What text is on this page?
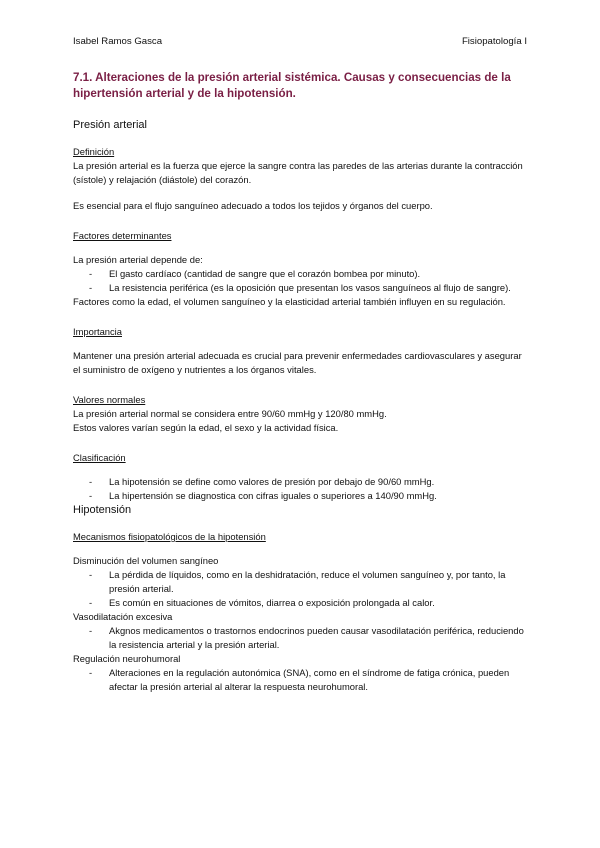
Isabel Ramos Gasca	Fisiopatología I
7.1. Alteraciones de la presión arterial sistémica. Causas y consecuencias de la hipertensión arterial y de la hipotensión.
Presión arterial
Definición

La presión arterial es la fuerza que ejerce la sangre contra las paredes de las arterias durante la contracción (sístole) y relajación (diástole) del corazón.

Es esencial para el flujo sanguíneo adecuado a todos los tejidos y órganos del cuerpo.

Factores determinantes

La presión arterial depende de:

- El gasto cardíaco (cantidad de sangre que el corazón bombea por minuto).
- La resistencia periférica (es la oposición que presentan los vasos sanguíneos al flujo de sangre).

Factores como la edad, el volumen sanguíneo y la elasticidad arterial también influyen en su regulación.

Importancia

Mantener una presión arterial adecuada es crucial para prevenir enfermedades cardiovasculares y asegurar el suministro de oxígeno y nutrientes a los órganos vitales.

Valores normales

La presión arterial normal se considera entre 90/60 mmHg y 120/80 mmHg.

Estos valores varían según la edad, el sexo y la actividad física.

Clasificación
- La hipotensión se define como valores de presión por debajo de 90/60 mmHg.
- La hipertensión se diagnostica con cifras iguales o superiores a 140/90 mmHg.
Hipotensión
Mecanismos fisiopatológicos de la hipotensión

Disminución del volumen sangíneo

- La pérdida de líquidos, como en la deshidratación, reduce el volumen sanguíneo y, por tanto, la presión arterial.
- Es común en situaciones de vómitos, diarrea o exposición prolongada al calor.

Vasodilatación excesiva

- Akgnos medicamentos o trastornos endocrinos pueden causar vasodilatación periférica, reduciendo la resistencia arterial y la presión arterial.

Regulación neurohumoral

- Alteraciones en la regulación autonómica (SNA), como en el síndrome de fatiga crónica, pueden afectar la presión arterial al alterar la respuesta neurohumoral.
